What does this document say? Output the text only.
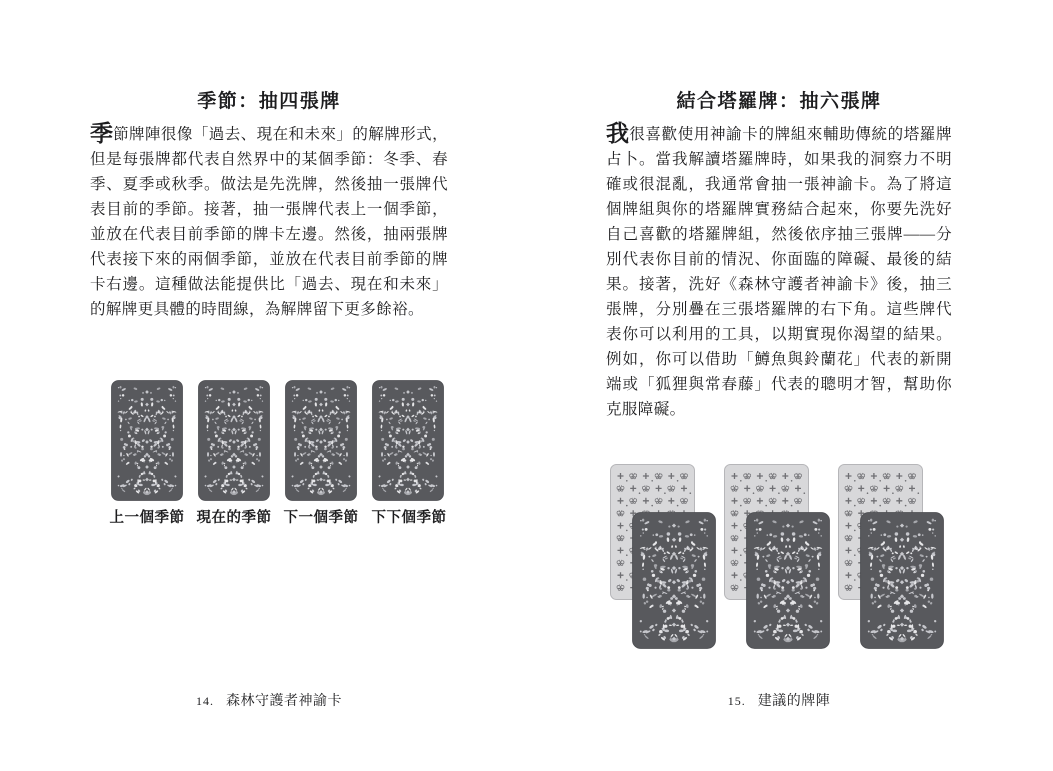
季節：抽四張牌

季節牌陣很像「過去、現在和未來」的解牌形式，但是每張牌都代表自然界中的某個季節：冬季、春季、夏季或秋季。做法是先洗牌，然後抽一張牌代表目前的季節。接著，抽一張牌代表上一個季節，並放在代表目前季節的牌卡左邊。然後，抽兩張牌代表接下來的兩個季節，並放在代表目前季節的牌卡右邊。這種做法能提供比「過去、現在和未來」的解牌更具體的時間線，為解牌留下更多餘裕。

上一個季節 現在的季節 下一個季節 下下個季節

14. 森林守護者神諭卡

結合塔羅牌：抽六張牌

我很喜歡使用神諭卡的牌組來輔助傳統的塔羅牌占卜。當我解讀塔羅牌時，如果我的洞察力不明確或很混亂，我通常會抽一張神諭卡。為了將這個牌組與你的塔羅牌實務結合起來，你要先洗好自己喜歡的塔羅牌組，然後依序抽三張牌——分別代表你目前的情況、你面臨的障礙、最後的結果。接著，洗好《森林守護者神諭卡》後，抽三張牌，分別疊在三張塔羅牌的右下角。這些牌代表你可以利用的工具，以期實現你渴望的結果。例如，你可以借助「鱒魚與鈴蘭花」代表的新開端或「狐狸與常春藤」代表的聰明才智，幫助你克服障礙。

15. 建議的牌陣
